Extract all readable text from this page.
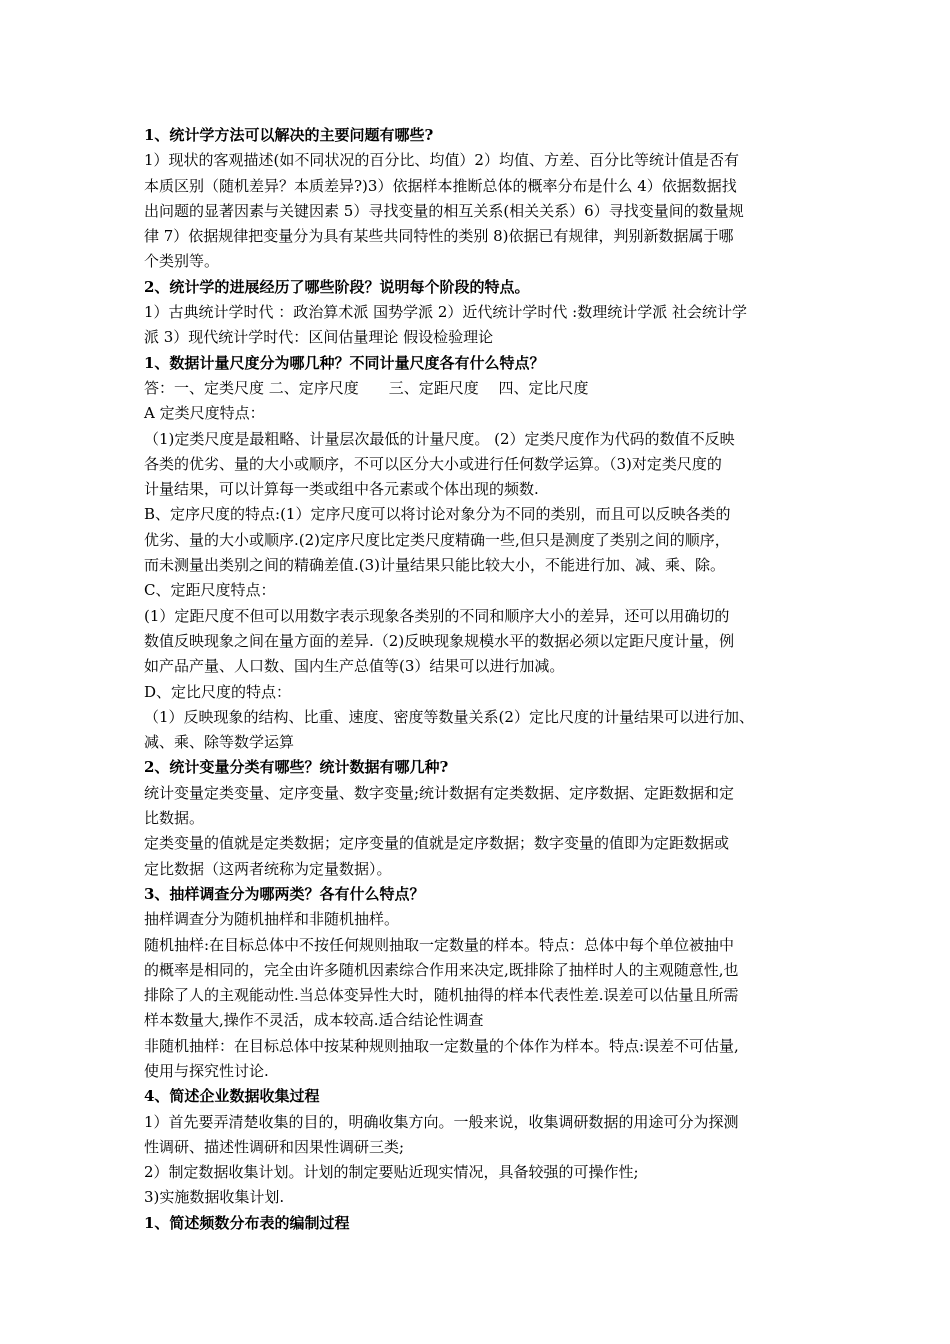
1、统计学方法可以解决的主要问题有哪些?
1）现状的客观描述(如不同状况的百分比、均值）2）均值、方差、百分比等统计值是否有
本质区别（随机差异？本质差异?)3）依据样本推断总体的概率分布是什么 4）依据数据找
出问题的显著因素与关键因素 5）寻找变量的相互关系(相关关系）6）寻找变量间的数量规
律 7）依据规律把变量分为具有某些共同特性的类别 8)依据已有规律，判别新数据属于哪
个类别等。
2、统计学的进展经历了哪些阶段？说明每个阶段的特点。
1）古典统计学时代 ：政治算术派 国势学派 2）近代统计学时代 :数理统计学派 社会统计学
派 3）现代统计学时代：区间估量理论 假设检验理论
1、数据计量尺度分为哪几种？不同计量尺度各有什么特点？
答：一、定类尺度 二、定序尺度　　三、定距尺度　 四、定比尺度
A 定类尺度特点：
（1)定类尺度是最粗略、计量层次最低的计量尺度。 (2）定类尺度作为代码的数值不反映
各类的优劣、量的大小或顺序，不可以区分大小或进行任何数学运算。（3)对定类尺度的
计量结果，可以计算每一类或组中各元素或个体出现的频数.
B、定序尺度的特点:(1）定序尺度可以将讨论对象分为不同的类别，而且可以反映各类的
优劣、量的大小或顺序.(2)定序尺度比定类尺度精确一些,但只是测度了类别之间的顺序，
而未测量出类别之间的精确差值.(3)计量结果只能比较大小，不能进行加、减、乘、除。
C、定距尺度特点：
(1）定距尺度不但可以用数字表示现象各类别的不同和顺序大小的差异，还可以用确切的
数值反映现象之间在量方面的差异.（2)反映现象规模水平的数据必须以定距尺度计量，例
如产品产量、人口数、国内生产总值等(3）结果可以进行加减。
D、定比尺度的特点：
（1）反映现象的结构、比重、速度、密度等数量关系(2）定比尺度的计量结果可以进行加、
减、乘、除等数学运算
2、统计变量分类有哪些？统计数据有哪几种?
统计变量定类变量、定序变量、数字变量;统计数据有定类数据、定序数据、定距数据和定
比数据。
定类变量的值就是定类数据；定序变量的值就是定序数据；数字变量的值即为定距数据或
定比数据（这两者统称为定量数据）。
3、抽样调查分为哪两类？各有什么特点？
抽样调查分为随机抽样和非随机抽样。
随机抽样:在目标总体中不按任何规则抽取一定数量的样本。特点：总体中每个单位被抽中
的概率是相同的，完全由许多随机因素综合作用来决定,既排除了抽样时人的主观随意性,也
排除了人的主观能动性.当总体变异性大时，随机抽得的样本代表性差.误差可以估量且所需
样本数量大,操作不灵活，成本较高.适合结论性调查
非随机抽样：在目标总体中按某种规则抽取一定数量的个体作为样本。特点:误差不可估量,
使用与探究性讨论.
4、简述企业数据收集过程
1）首先要弄清楚收集的目的，明确收集方向。一般来说，收集调研数据的用途可分为探测
性调研、描述性调研和因果性调研三类;
2）制定数据收集计划。计划的制定要贴近现实情况，具备较强的可操作性;
3)实施数据收集计划.
1、简述频数分布表的编制过程
